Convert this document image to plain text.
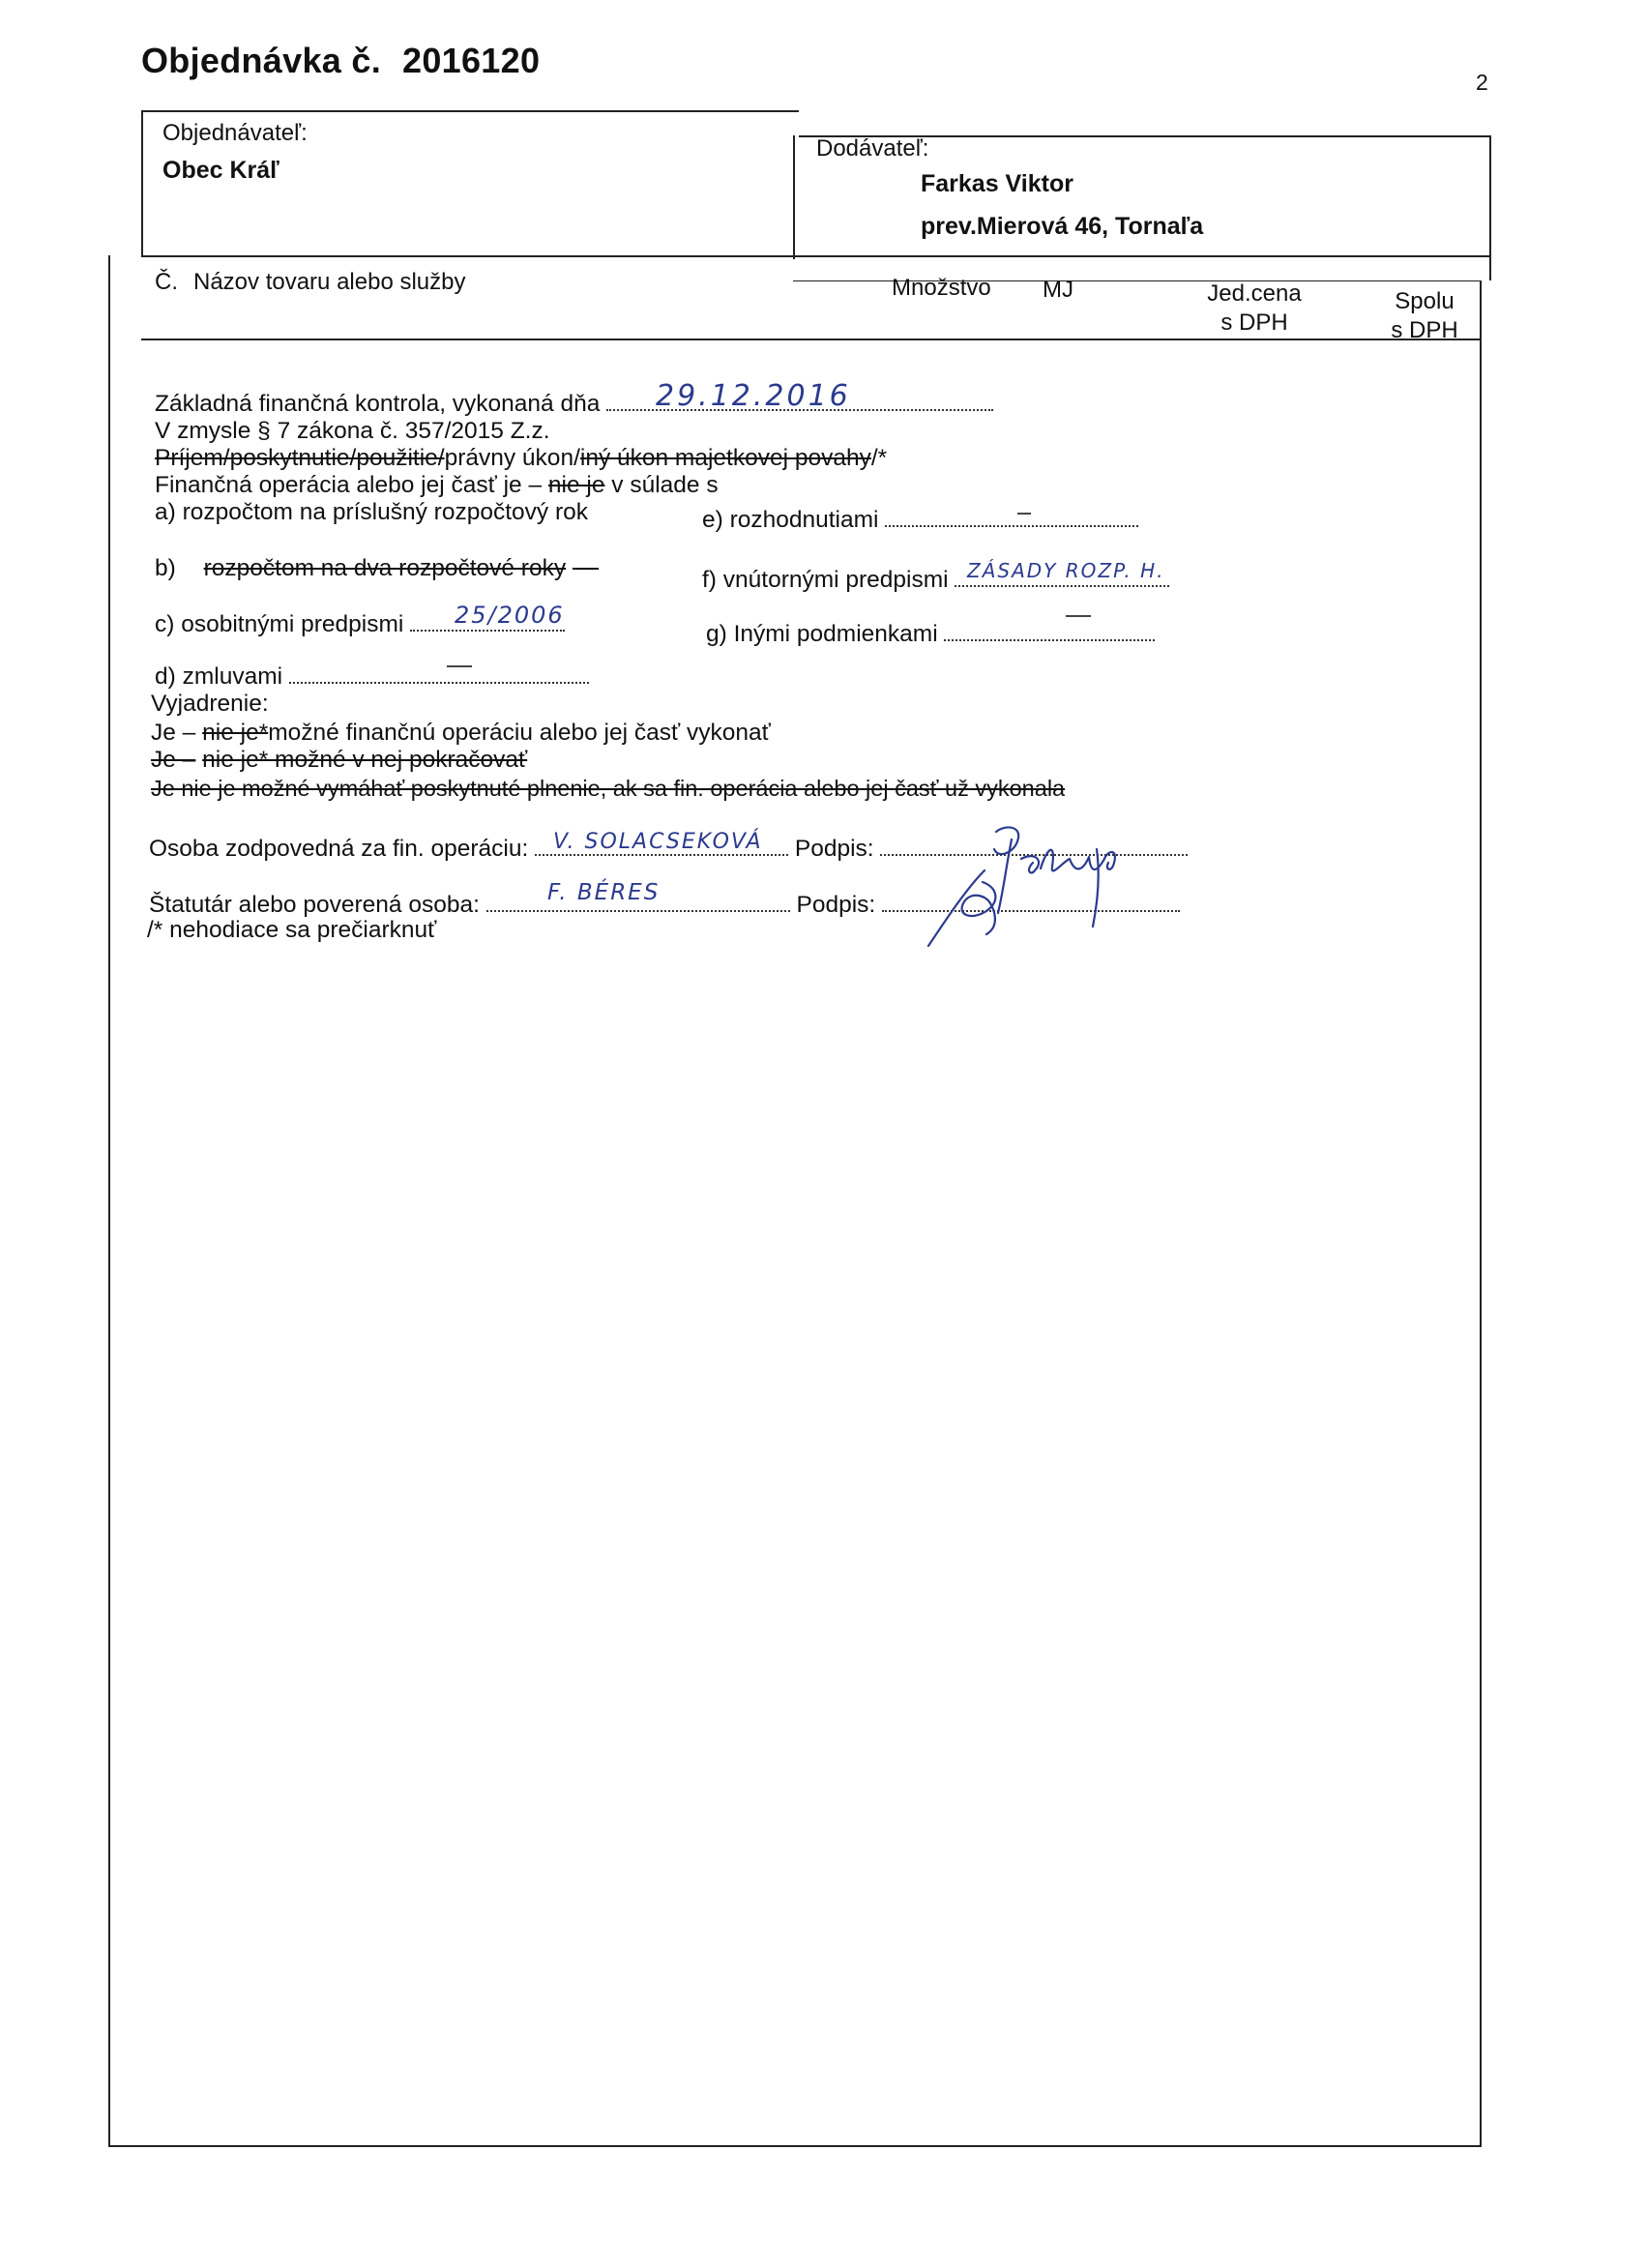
Objednávka č. 2016120
2
Objednávateľ:
Obec Kráľ
Dodávateľ:
Farkas Viktor
prev.Mierová 46, Tornaľa
Č. Názov tovaru alebo služby	Množstvo MJ	Jed.cena
s DPH
Spolu
s DPH
Základná finančná kontrola, vykonaná dňa	29.12.2016
V zmysle § 7 zákona č. 357/2015 Z.z.
Príjem/poskytnutie/použitie/právny úkon/iný úkon majetkovej povahy/*
Finančná operácia alebo jej časť je – nie je v súlade s
a) rozpočtom na príslušný rozpočtový rok
b) rozpočtom na dva rozpočtové roky
c) osobitnými predpismi	25/2006
d) zmluvami
e) rozhodnutiami
f) vnútornými predpismi ZÁSADY ROZP. H.
g) Inými podmienkami
Vyjadrenie:
Je – nie je*možné finančnú operáciu alebo jej časť vykonať
Je – nie je* možné v nej pokračovať
Je nie je možné vymáhať poskytnuté plnenie, ak sa fin. operácia alebo jej časť už vykonala
Osoba zodpovedná za fin. operáciu:	Podpis:
V. SOLACSEKOVÁ
Štatutár alebo poverená osoba:	Podpis:
F. BÉRES
/* nehodiace sa prečiarknuť
